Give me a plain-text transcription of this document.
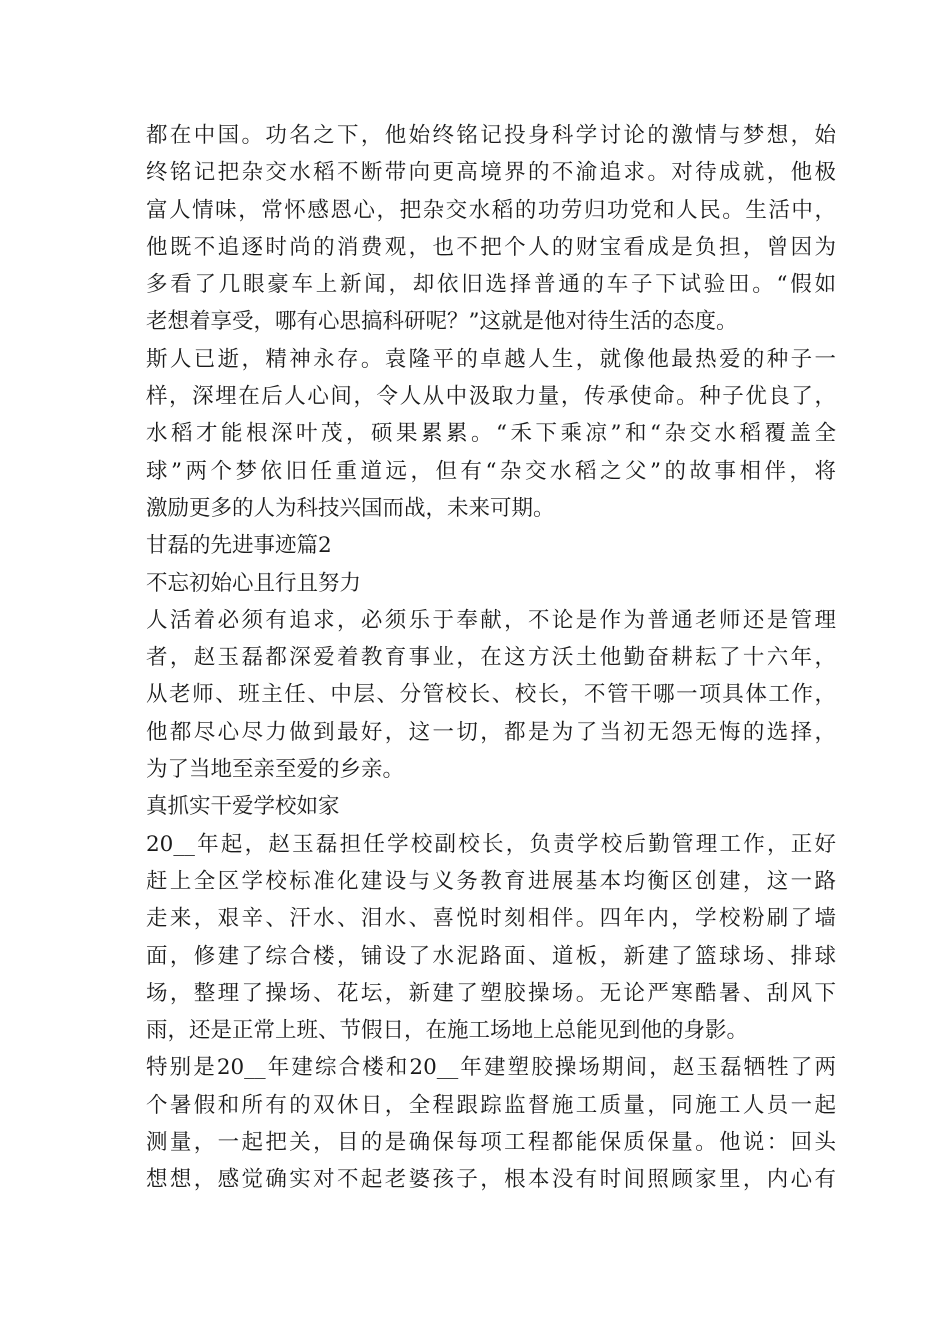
都在中国。功名之下，他始终铭记投身科学讨论的激情与梦想，始
终铭记把杂交水稻不断带向更高境界的不渝追求。对待成就，他极
富人情味，常怀感恩心，把杂交水稻的功劳归功党和人民。生活中，
他既不追逐时尚的消费观，也不把个人的财宝看成是负担，曾因为
多看了几眼豪车上新闻，却依旧选择普通的车子下试验田。“假如
老想着享受，哪有心思搞科研呢？”这就是他对待生活的态度。
斯人已逝，精神永存。袁隆平的卓越人生，就像他最热爱的种子一
样，深埋在后人心间，令人从中汲取力量，传承使命。种子优良了，
水稻才能根深叶茂，硕果累累。“禾下乘凉”和“杂交水稻覆盖全
球”两个梦依旧任重道远，但有“杂交水稻之父”的故事相伴，将
激励更多的人为科技兴国而战，未来可期。
甘磊的先进事迹篇2
不忘初始心且行且努力
人活着必须有追求，必须乐于奉献，不论是作为普通老师还是管理
者，赵玉磊都深爱着教育事业，在这方沃土他勤奋耕耘了十六年，
从老师、班主任、中层、分管校长、校长，不管干哪一项具体工作，
他都尽心尽力做到最好，这一切，都是为了当初无怨无悔的选择，
为了当地至亲至爱的乡亲。
真抓实干爱学校如家
20__年起，赵玉磊担任学校副校长，负责学校后勤管理工作，正好
赶上全区学校标准化建设与义务教育进展基本均衡区创建，这一路
走来，艰辛、汗水、泪水、喜悦时刻相伴。四年内，学校粉刷了墙
面，修建了综合楼，铺设了水泥路面、道板，新建了篮球场、排球
场，整理了操场、花坛，新建了塑胶操场。无论严寒酷暑、刮风下
雨，还是正常上班、节假日，在施工场地上总能见到他的身影。
特别是20__年建综合楼和20__年建塑胶操场期间，赵玉磊牺牲了两
个暑假和所有的双休日，全程跟踪监督施工质量，同施工人员一起
测量，一起把关，目的是确保每项工程都能保质保量。他说：回头
想想，感觉确实对不起老婆孩子，根本没有时间照顾家里，内心有
